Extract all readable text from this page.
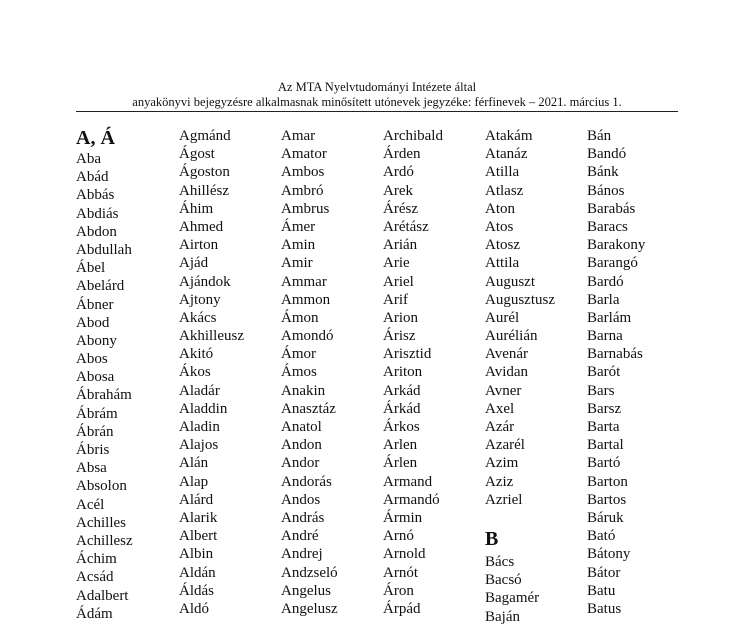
Az MTA Nyelvtudományi Intézete által
anyakönyvi bejegyzésre alkalmasnak minősített utónevek jegyzéke: férfinevek – 2021. március 1.
A, Á
Aba
Abád
Abbás
Abdiás
Abdon
Abdullah
Ábel
Abelárd
Ábner
Abod
Abony
Abos
Abosa
Ábrahám
Ábrám
Ábrán
Ábris
Absa
Absolon
Acél
Achilles
Achillesz
Áchim
Acsád
Adalbert
Ádám
Agmánd
Ágost
Ágoston
Ahillész
Áhim
Ahmed
Airton
Ajád
Ajándok
Ajtony
Akács
Akhilleusz
Akitó
Ákos
Aladár
Aladdin
Aladin
Alajos
Alán
Alap
Alárd
Alarik
Albert
Albin
Aldán
Áldás
Aldó
Amar
Amator
Ambos
Ambró
Ambrus
Ámer
Amin
Amir
Ammar
Ammon
Ámon
Amondó
Ámor
Ámos
Anakin
Anasztáz
Anatol
Andon
Andor
Andorás
Andos
András
André
Andrej
Andzseló
Angelus
Angelusz
Archibald
Árden
Ardó
Arek
Árész
Arétász
Arián
Arie
Ariel
Arif
Arion
Árisz
Arisztid
Ariton
Arkád
Árkád
Árkos
Arlen
Árlen
Armand
Armandó
Ármin
Arnó
Arnold
Arnót
Áron
Árpád
Atakám
Atanáz
Atilla
Atlasz
Aton
Atos
Atosz
Attila
Auguszt
Augusztusz
Aurél
Aurélián
Avenár
Avidan
Avner
Axel
Azár
Azarél
Azim
Aziz
Azriel
B
Bács
Bacsó
Bagamér
Baján
Bán
Bandó
Bánk
Bános
Barabás
Baracs
Barakony
Barangó
Bardó
Barla
Barlám
Barna
Barnabás
Barót
Bars
Barsz
Barta
Bartal
Bartó
Barton
Bartos
Báruk
Bató
Bátony
Bátor
Batu
Batus
